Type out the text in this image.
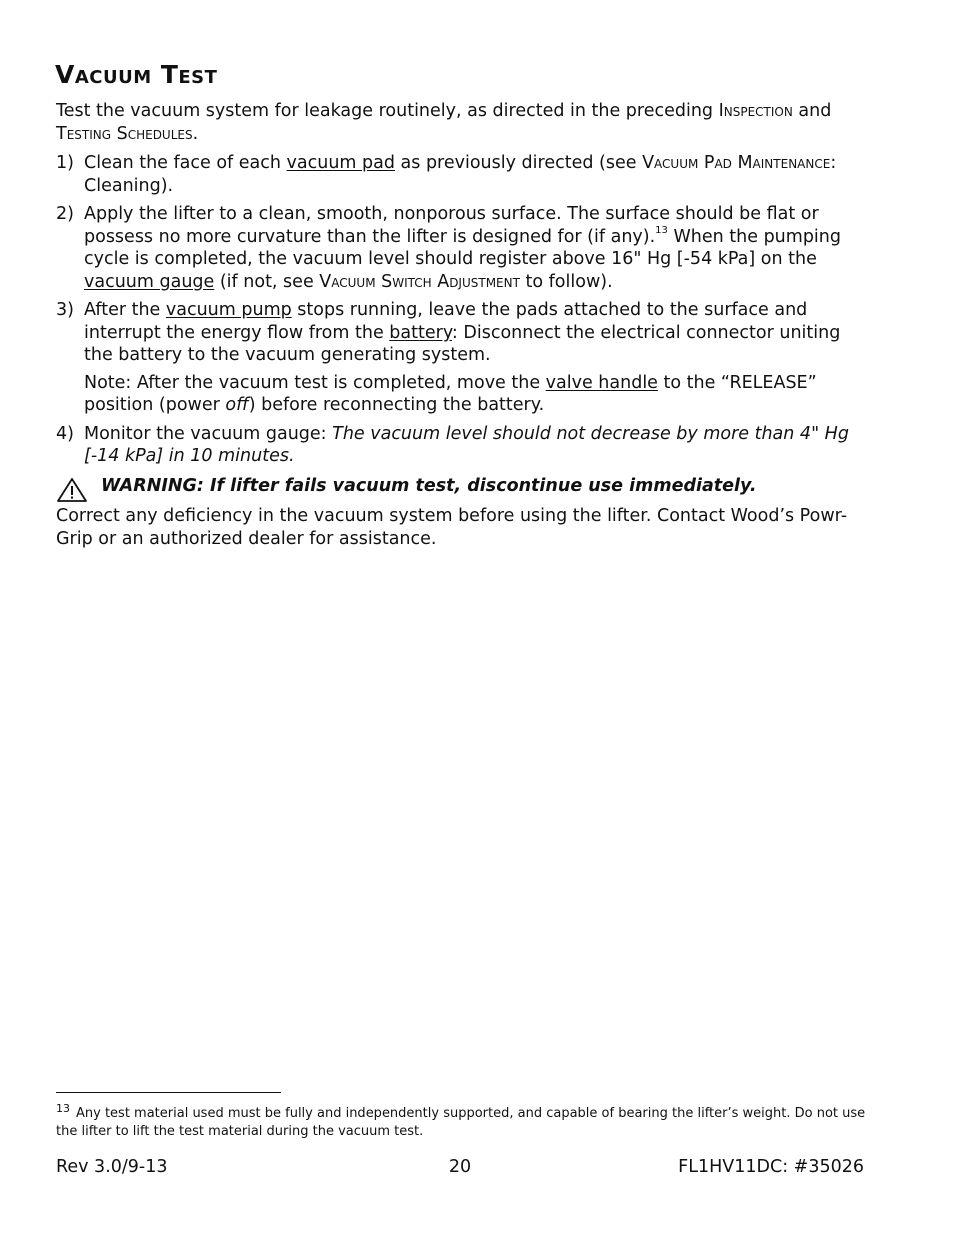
Vacuum Test

Test the vacuum system for leakage routinely, as directed in the preceding Inspection and Testing Schedules.

1) Clean the face of each vacuum pad as previously directed (see Vacuum Pad Maintenance: Cleaning).
2) Apply the lifter to a clean, smooth, nonporous surface. The surface should be flat or possess no more curvature than the lifter is designed for (if any).$^{13}$ When the pumping cycle is completed, the vacuum level should register above 16" Hg [-54 kPa] on the vacuum gauge (if not, see Vacuum Switch Adjustment to follow).
3) After the vacuum pump stops running, leave the pads attached to the surface and interrupt the energy flow from the battery: Disconnect the electrical connector uniting the battery to the vacuum generating system.
Note: After the vacuum test is completed, move the valve handle to the “RELEASE” position (power off) before reconnecting the battery.
4) Monitor the vacuum gauge: The vacuum level should not decrease by more than 4" Hg [-14 kPa] in 10 minutes.
WARNING: If lifter fails vacuum test, discontinue use immediately.

Correct any deficiency in the vacuum system before using the lifter. Contact Wood’s Powr-Grip or an authorized dealer for assistance.

$^{13}$ Any test material used must be fully and independently supported, and capable of bearing the lifter’s weight. Do not use the lifter to lift the test material during the vacuum test.

20
Rev 3.0/9-13	FL1HV11DC: #35026
